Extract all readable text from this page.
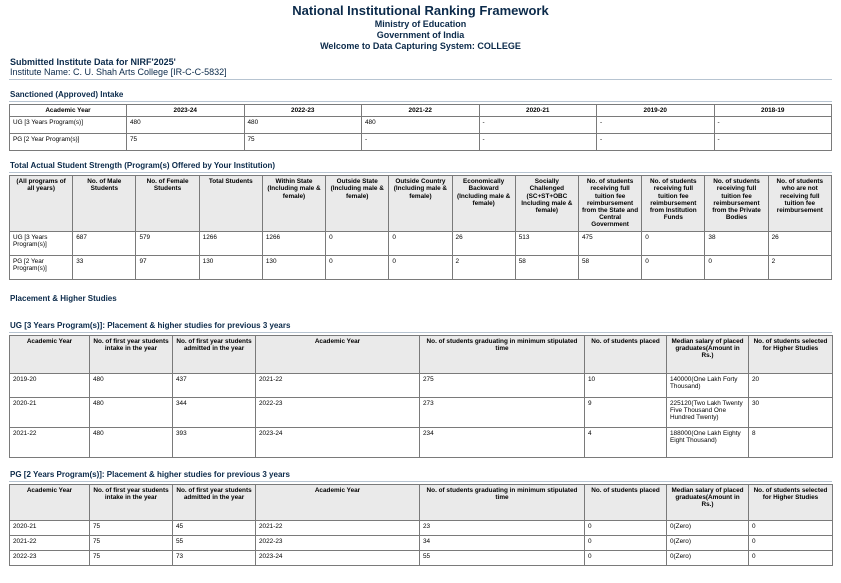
National Institutional Ranking Framework
Ministry of Education
Government of India
Welcome to Data Capturing System: COLLEGE
Submitted Institute Data for NIRF'2025'
Institute Name: C. U. Shah Arts College [IR-C-C-5832]
Sanctioned (Approved) Intake
Academic Year	2023-24	2022-23	2021-22	2020-21	2019-20	2018-19
UG [3 Years Program(s)]	480	480	480	-	-	-
PG [2 Year Program(s)]	75	75	-	-	-	-
Total Actual Student Strength (Program(s) Offered by Your Institution)
(All programs of all years)	No. of Male Students	No. of Female Students	Total Students	Within State (Including male & female)	Outside State (Including male & female)	Outside Country (Including male & female)	Economically Backward (Including male & female)	Socially Challenged (SC+ST+OBC Including male & female)	No. of students receiving full tuition fee reimbursement from the State and Central Government	No. of students receiving full tuition fee reimbursement from Institution Funds	No. of students receiving full tuition fee reimbursement from the Private Bodies	No. of students who are not receiving full tuition fee reimbursement
UG [3 Years Program(s)]	687	579	1266	1266	0	0	26	513	475	0	38	26
PG [2 Year Program(s)]	33	97	130	130	0	0	2	58	58	0	0	2
Placement & Higher Studies
UG [3 Years Program(s)]: Placement & higher studies for previous 3 years
Academic Year	No. of first year students intake in the year	No. of first year students admitted in the year	Academic Year	No. of students graduating in minimum stipulated time	No. of students placed	Median salary of placed graduates(Amount in Rs.)	No. of students selected for Higher Studies
2019-20	480	437	2021-22	275	10	140000(One Lakh Forty Thousand)	20
2020-21	480	344	2022-23	273	9	225120(Two Lakh Twenty Five Thousand One Hundred Twenty)	30
2021-22	480	393	2023-24	234	4	188000(One Lakh Eighty Eight Thousand)	8
PG [2 Years Program(s)]: Placement & higher studies for previous 3 years
Academic Year	No. of first year students intake in the year	No. of first year students admitted in the year	Academic Year	No. of students graduating in minimum stipulated time	No. of students placed	Median salary of placed graduates(Amount in Rs.)	No. of students selected for Higher Studies
2020-21	75	45	2021-22	23	0	0(Zero)	0
2021-22	75	55	2022-23	34	0	0(Zero)	0
2022-23	75	73	2023-24	55	0	0(Zero)	0
